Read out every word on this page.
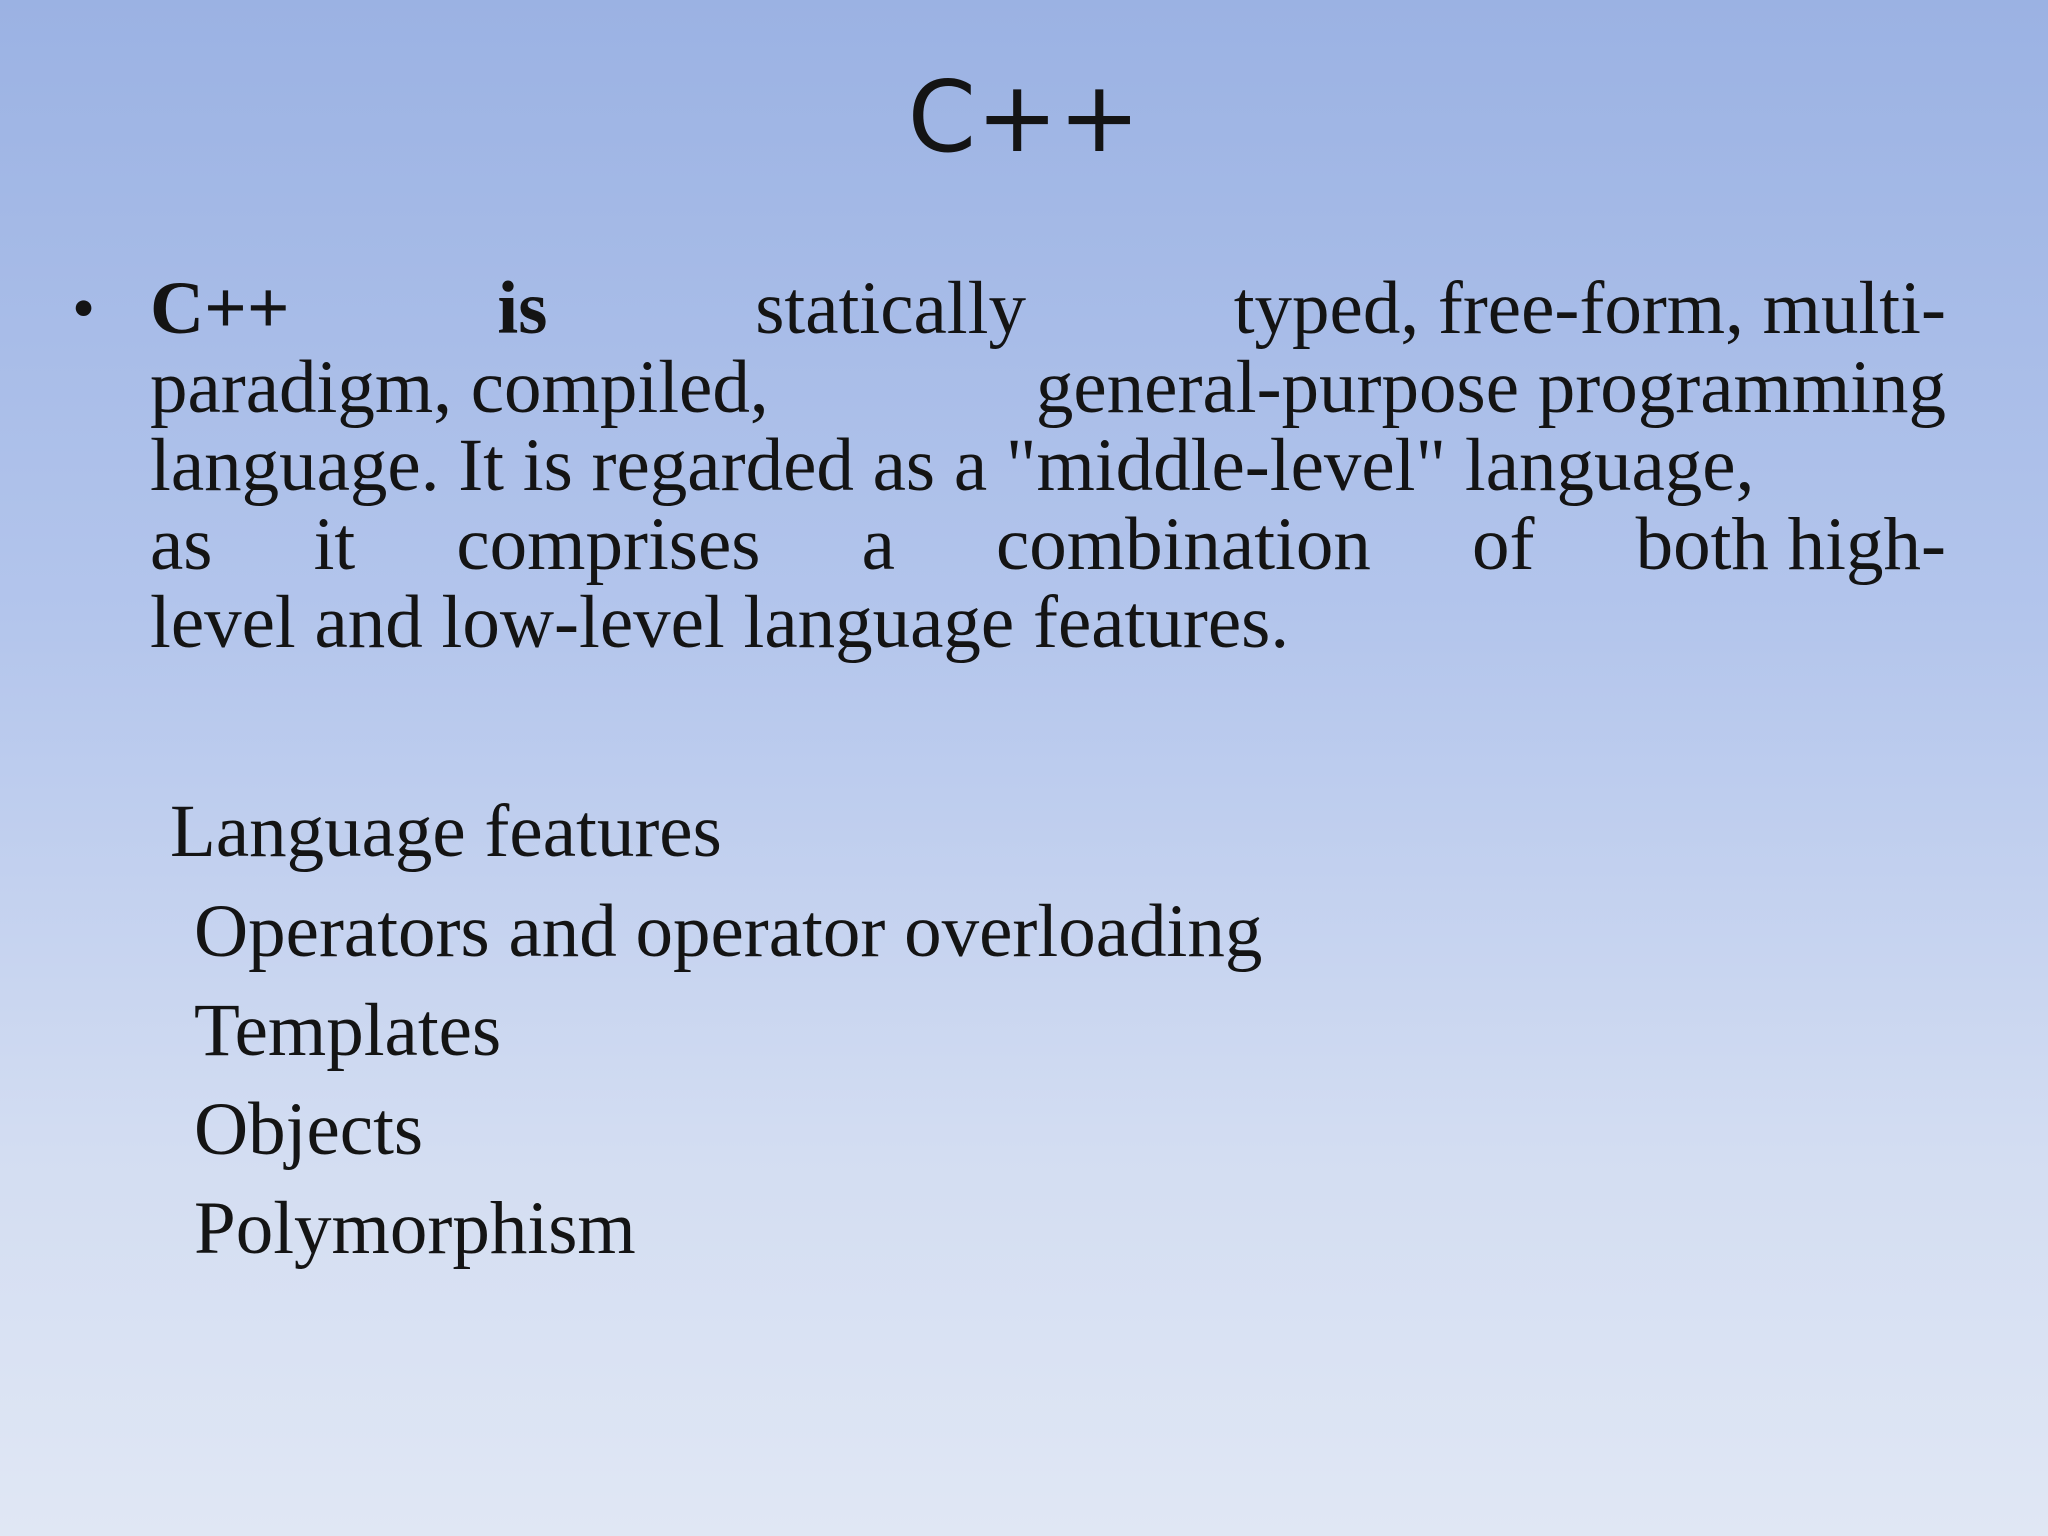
C++
• C++	is	statically	typed, free-form, multi-
paradigm, compiled,	general-purpose programming
language. It is regarded as a "middle-level" language,
as it comprises a combination of both high-
level and low-level language features.
Language features
Operators and operator overloading
Templates
Objects
Polymorphism
